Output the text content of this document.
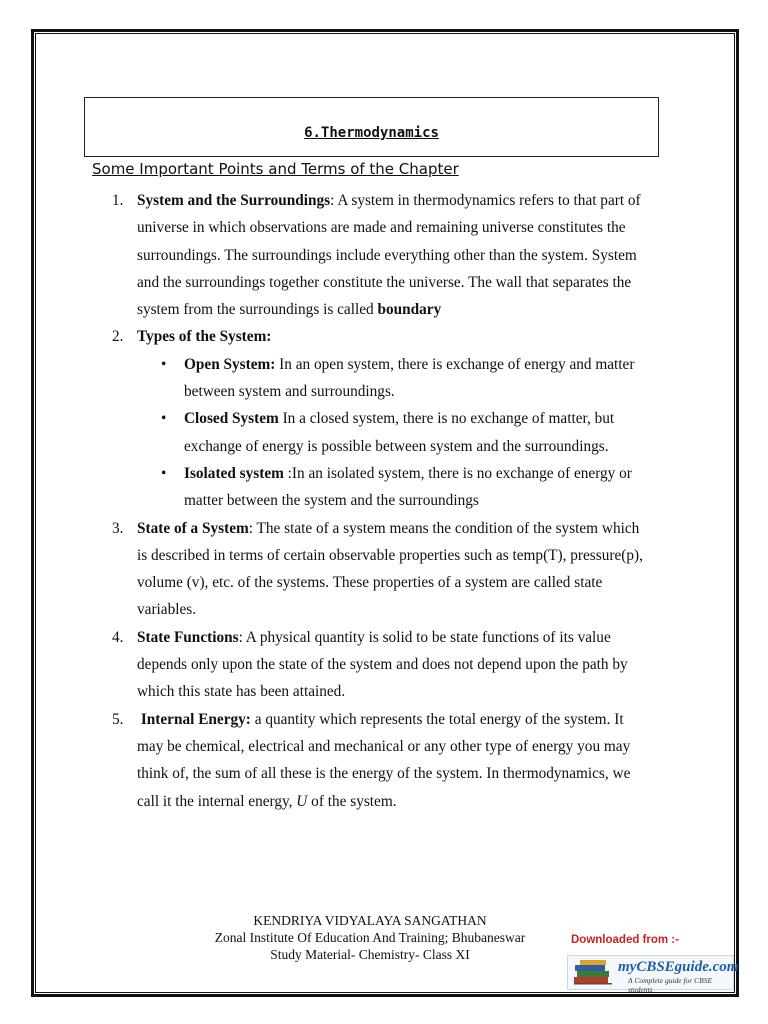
6.Thermodynamics
Some Important Points and Terms of the Chapter
1. System and the Surroundings: A system in thermodynamics refers to that part of universe in which observations are made and remaining universe constitutes the surroundings. The surroundings include everything other than the system. System and the surroundings together constitute the universe. The wall that separates the system from the surroundings is called boundary
2. Types of the System:
• Open System: In an open system, there is exchange of energy and matter between system and surroundings.
• Closed System In a closed system, there is no exchange of matter, but exchange of energy is possible between system and the surroundings.
• Isolated system :In an isolated system, there is no exchange of energy or matter between the system and the surroundings
3. State of a System: The state of a system means the condition of the system which is described in terms of certain observable properties such as temp(T), pressure(p), volume (v), etc. of the systems. These properties of a system are called state variables.
4. State Functions: A physical quantity is solid to be state functions of its value depends only upon the state of the system and does not depend upon the path by which this state has been attained.
5. Internal Energy: a quantity which represents the total energy of the system. It may be chemical, electrical and mechanical or any other type of energy you may think of, the sum of all these is the energy of the system. In thermodynamics, we call it the internal energy, U of the system.
KENDRIYA VIDYALAYA SANGATHAN
Zonal Institute Of Education And Training; Bhubaneswar
Study Material- Chemistry- Class XI
Downloaded from :-
myCBSEguide.com
A Complete guide for CBSE students
